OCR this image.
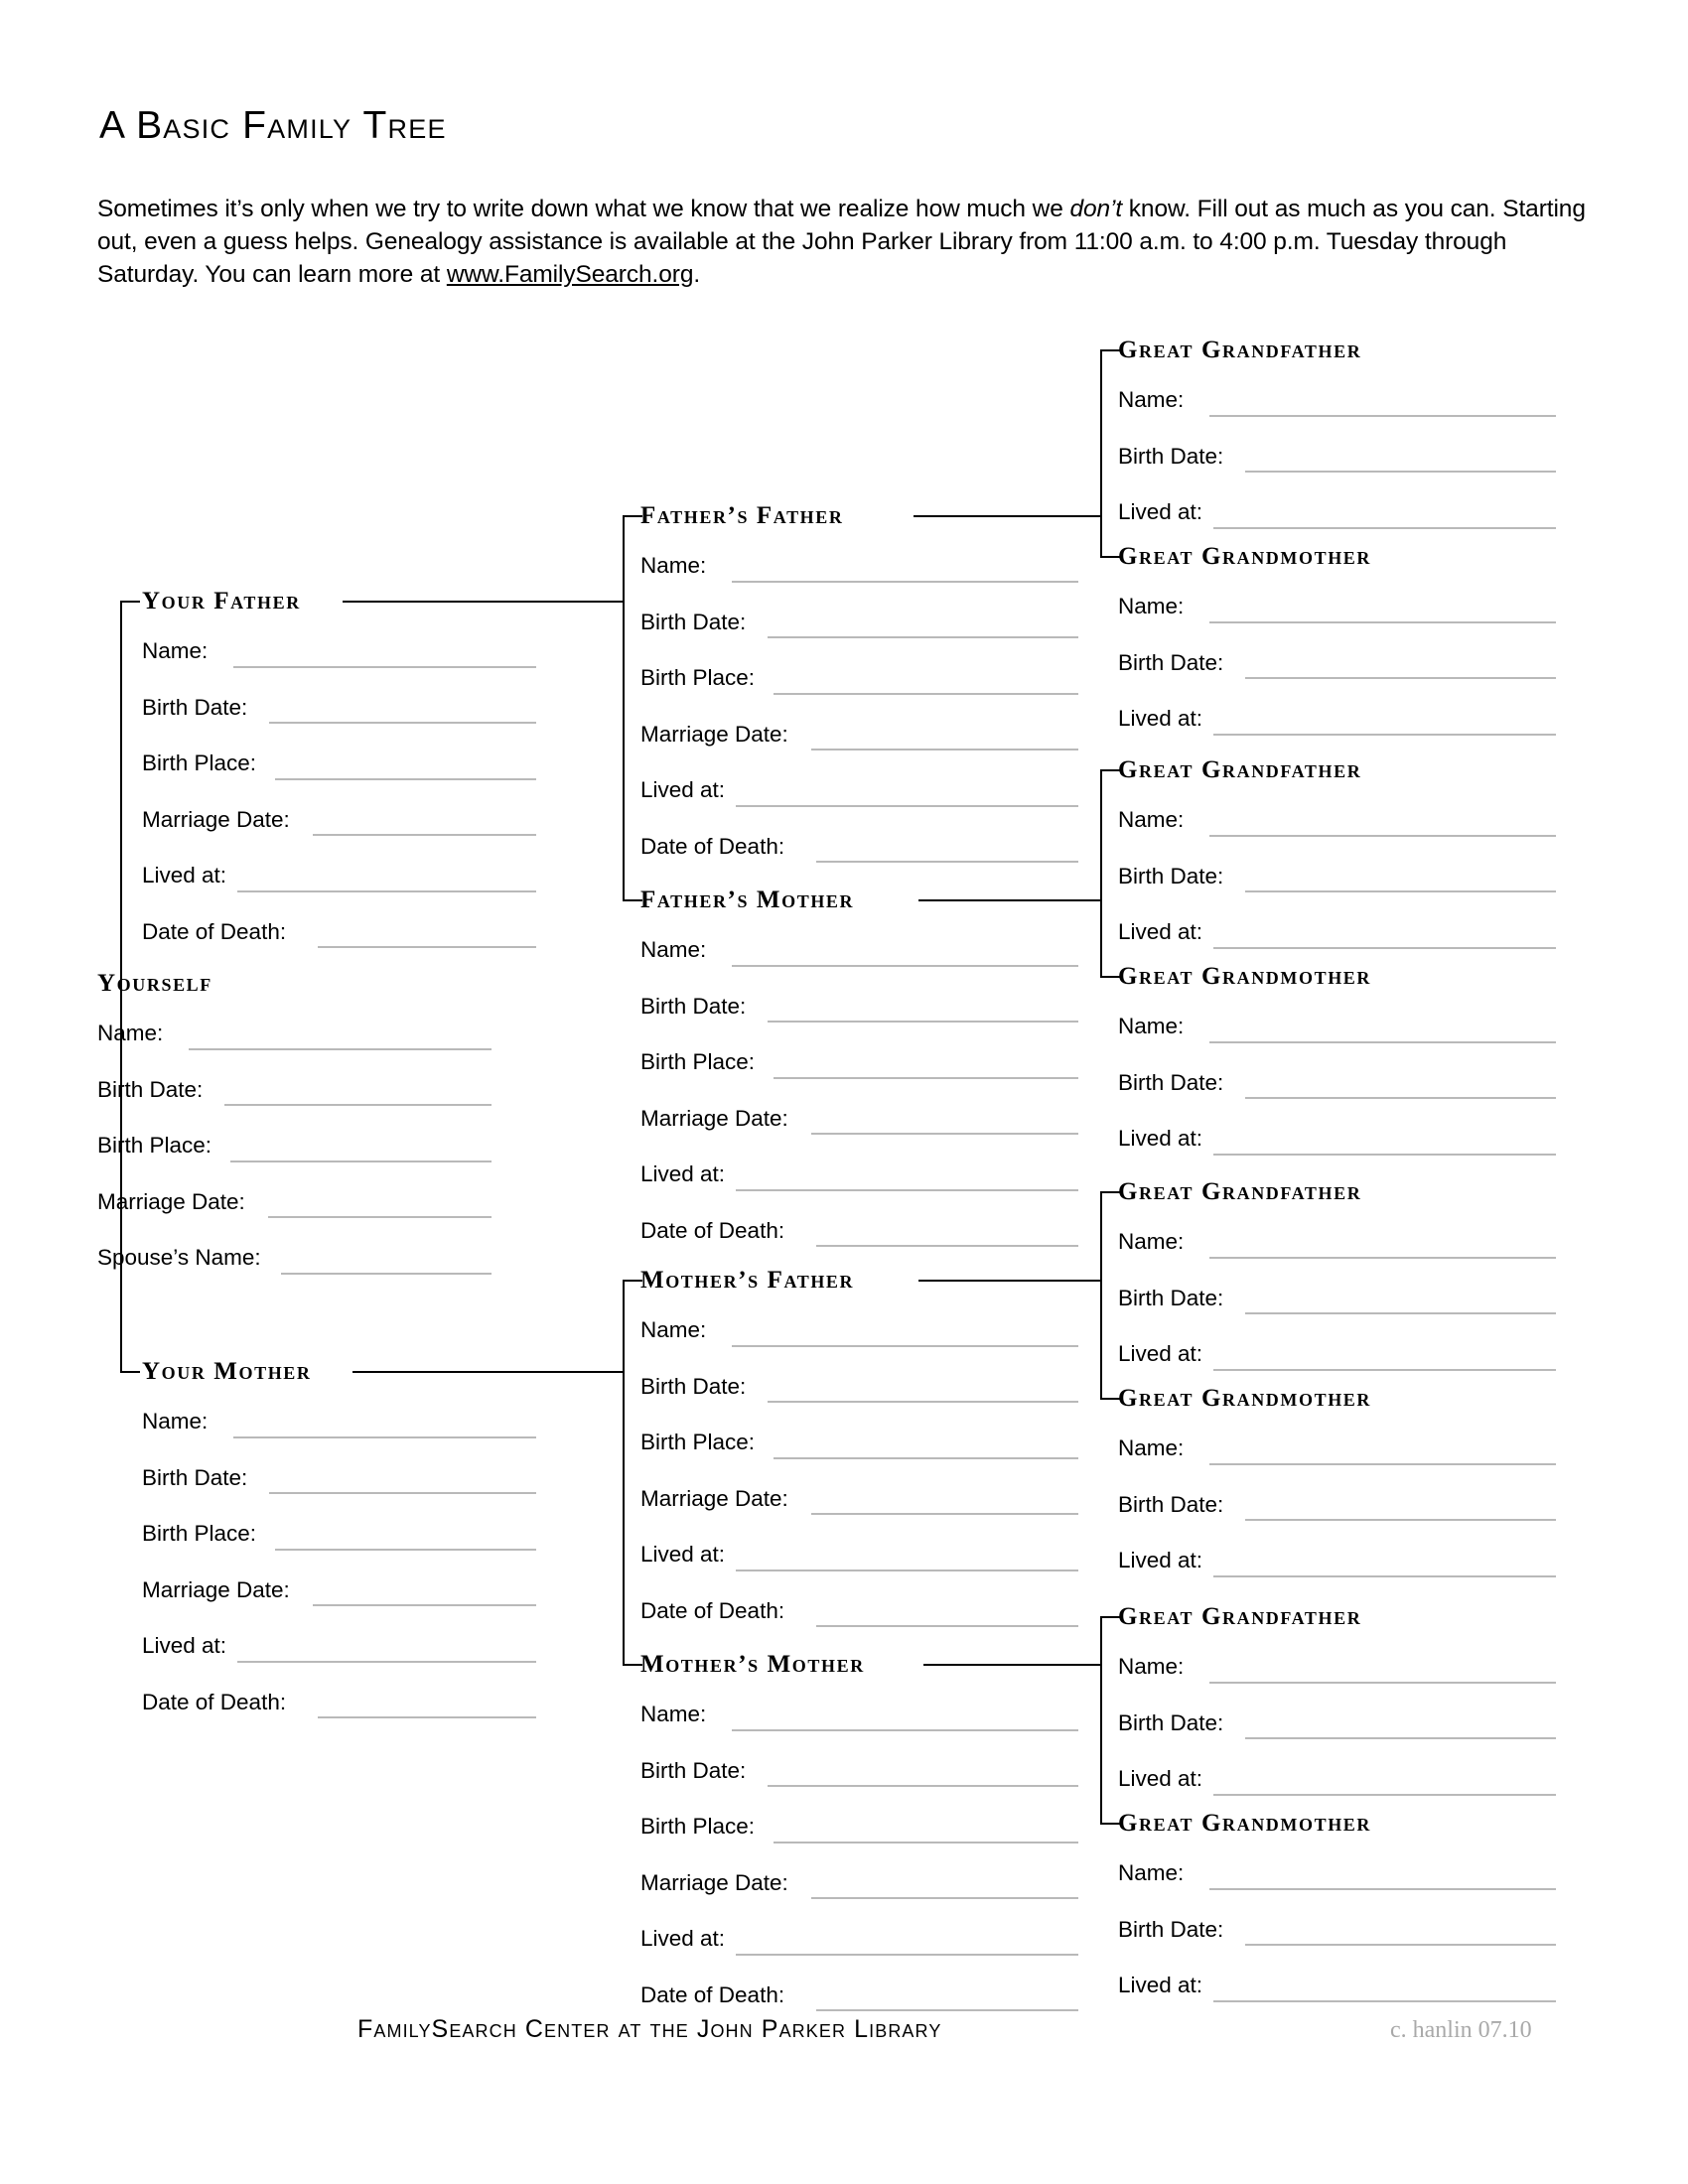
A Basic Family Tree
Sometimes it’s only when we try to write down what we know that we realize how much we don’t know. Fill out as much as you can. Starting out, even a guess helps. Genealogy assistance is available at the John Parker Library from 11:00 a.m. to 4:00 p.m. Tuesday through Saturday. You can learn more at www.FamilySearch.org.
Your Father
Name:
Birth Date:
Birth Place:
Marriage Date:
Lived at:
Date of Death:
Yourself
Name:
Birth Date:
Birth Place:
Marriage Date:
Spouse’s Name:
Your Mother
Name:
Birth Date:
Birth Place:
Marriage Date:
Lived at:
Date of Death:
Father’s Father
Name:
Birth Date:
Birth Place:
Marriage Date:
Lived at:
Date of Death:
Father’s Mother
Name:
Birth Date:
Birth Place:
Marriage Date:
Lived at:
Date of Death:
Mother’s Father
Name:
Birth Date:
Birth Place:
Marriage Date:
Lived at:
Date of Death:
Mother’s Mother
Name:
Birth Date:
Birth Place:
Marriage Date:
Lived at:
Date of Death:
Great Grandfather
Name:
Birth Date:
Lived at:
Great Grandmother
Name:
Birth Date:
Lived at:
Great Grandfather
Name:
Birth Date:
Lived at:
Great Grandmother
Name:
Birth Date:
Lived at:
Great Grandfather
Name:
Birth Date:
Lived at:
Great Grandmother
Name:
Birth Date:
Lived at:
Great Grandfather
Name:
Birth Date:
Lived at:
Great Grandmother
Name:
Birth Date:
Lived at:
FamilySearch Center at the John Parker Library	c. hanlin 07.10
